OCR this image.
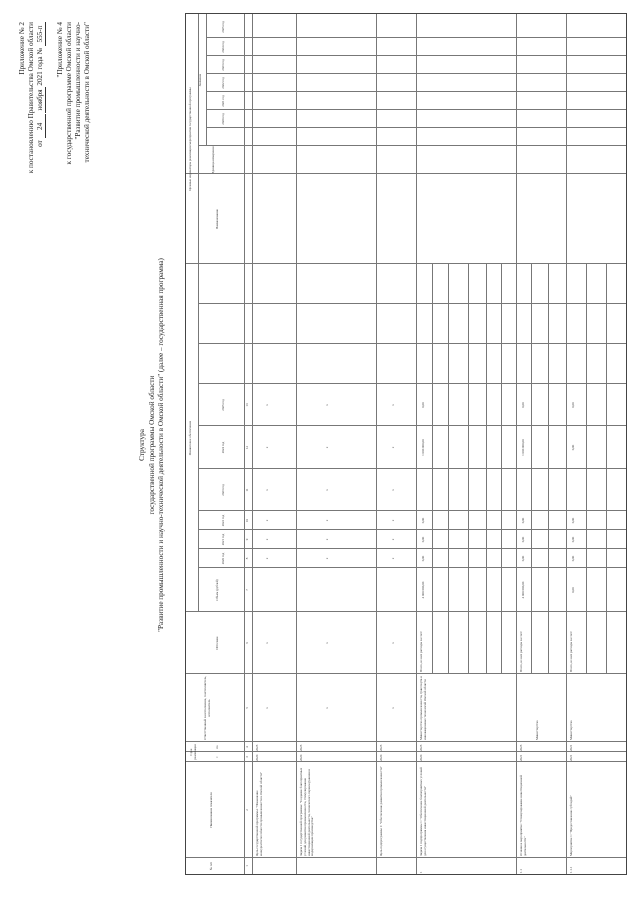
Приложение № 2 к постановлению Правительства Омской области от 24 ноября 2021 года № 555-п "Приложение № 4 к государственной программе Омской области "Развитие промышленности и научно- технической деятельности в Омской области"
Структура государственной программы Омской области "Развитие промышленности и научно-технической деятельности в Омской области" (далее – государственная программа)
№ п/п
Наименование показателя
Срок реализации	с
по
Ответственный за исполнение, соисполнитель, исполнитель
Финансовое обеспечение
Источник
Объем (рублей)
Целевые индикаторы реализации мероприятия государственной программы
Наименование
Единица измерения
Значение
2020 год
2021 год
2022 год
2023 год
2024 год
2025 год
2020 год
2021 год
2022 год
2023 год
2024 год
2025 год
1
2
3
4
5
6
7
8
9
10
11
12
13
Цель государственной программы: "Повышение конкурентоспособности промышленности в Омской области"
2020
2025
х
х
х
х
х
х
х
х
Задача 1 государственной программы: "Создание благоприятных условий для развития промышленности, стимулирование инвестиционной деятельности, технического перевооружения и модернизации производства"
2020
2025
х
х
х
х
х
х
х
х
Цель подпрограммы 1: "Обеспечение развития промышленности"
2020
2025
х
х
х
х
х
х
х
х
1
Задача 1 подпрограммы 1: "Обеспечение благоприятных условий для осуществления инвестиционной деятельности"
2020
2025
Министерство промышленности, транспорта и инновационных технологий Омской области
Всего, из них расходы за счет:
4 000 000,00
0,00
0,00
0,00
1 000 000,00
0,00
1.1
Основное мероприятие: "Стимулирование инвестиционной деятельности"
2021
2025
Министерство
Всего, из них расходы за счет:
4 000 000,00
0,00
0,00
0,00
1 000 000,00
0,00
1.1.1
Мероприятие 1: "Предоставление субсидий"
2021
2021
Министерство
Всего, из них расходы за счет:
0,00
0,00
0,00
0,00
0,00
0,00
